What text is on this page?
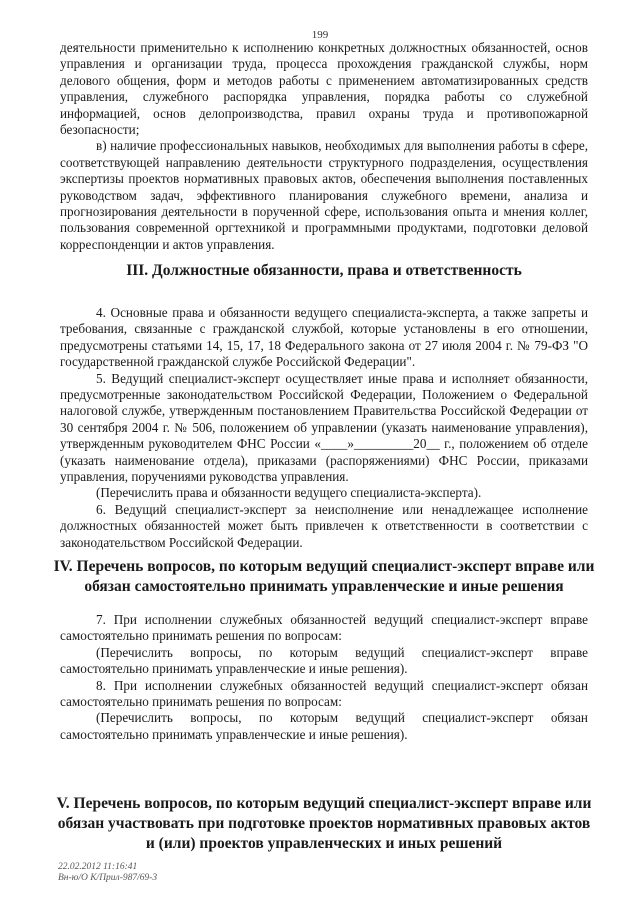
199

деятельности применительно к исполнению конкретных должностных обязанностей, основ управления и организации труда, процесса прохождения гражданской службы, норм делового общения, форм и методов работы с применением автоматизированных средств управления, служебного распорядка управления, порядка работы со служебной информацией, основ делопроизводства, правил охраны труда и противопожарной безопасности;

в) наличие профессиональных навыков, необходимых для выполнения работы в сфере, соответствующей направлению деятельности структурного подразделения, осуществления экспертизы проектов нормативных правовых актов, обеспечения выполнения поставленных руководством задач, эффективного планирования служебного времени, анализа и прогнозирования деятельности в порученной сфере, использования опыта и мнения коллег, пользования современной оргтехникой и программными продуктами, подготовки деловой корреспонденции и актов управления.

III. Должностные обязанности, права и ответственность

4. Основные права и обязанности ведущего специалиста-эксперта, а также запреты и требования, связанные с гражданской службой, которые установлены в его отношении, предусмотрены статьями 14, 15, 17, 18 Федерального закона от 27 июля 2004 г. № 79-ФЗ "О государственной гражданской службе Российской Федерации".

5. Ведущий специалист-эксперт осуществляет иные права и исполняет обязанности, предусмотренные законодательством Российской Федерации, Положением о Федеральной налоговой службе, утвержденным постановлением Правительства Российской Федерации от 30 сентября 2004 г. № 506, положением об управлении (указать наименование управления), утвержденным руководителем ФНС России «____»_________20__ г., положением об отделе (указать наименование отдела), приказами (распоряжениями) ФНС России, приказами управления, поручениями руководства управления.

(Перечислить права и обязанности ведущего специалиста-эксперта).

6. Ведущий специалист-эксперт за неисполнение или ненадлежащее исполнение должностных обязанностей может быть привлечен к ответственности в соответствии с законодательством Российской Федерации.

IV. Перечень вопросов, по которым ведущий специалист-эксперт вправе или
обязан самостоятельно принимать управленческие и иные решения

7. При исполнении служебных обязанностей ведущий специалист-эксперт вправе самостоятельно принимать решения по вопросам:

(Перечислить вопросы, по которым ведущий специалист-эксперт вправе самостоятельно принимать управленческие и иные решения).

8. При исполнении служебных обязанностей ведущий специалист-эксперт обязан самостоятельно принимать решения по вопросам:

(Перечислить вопросы, по которым ведущий специалист-эксперт обязан самостоятельно принимать управленческие и иные решения).

V. Перечень вопросов, по которым ведущий специалист-эксперт вправе или
обязан участвовать при подготовке проектов нормативных правовых актов
и (или) проектов управленческих и иных решений
22.02.2012 11:16:41
Вн-ю/О К/Прил-987/69-3
